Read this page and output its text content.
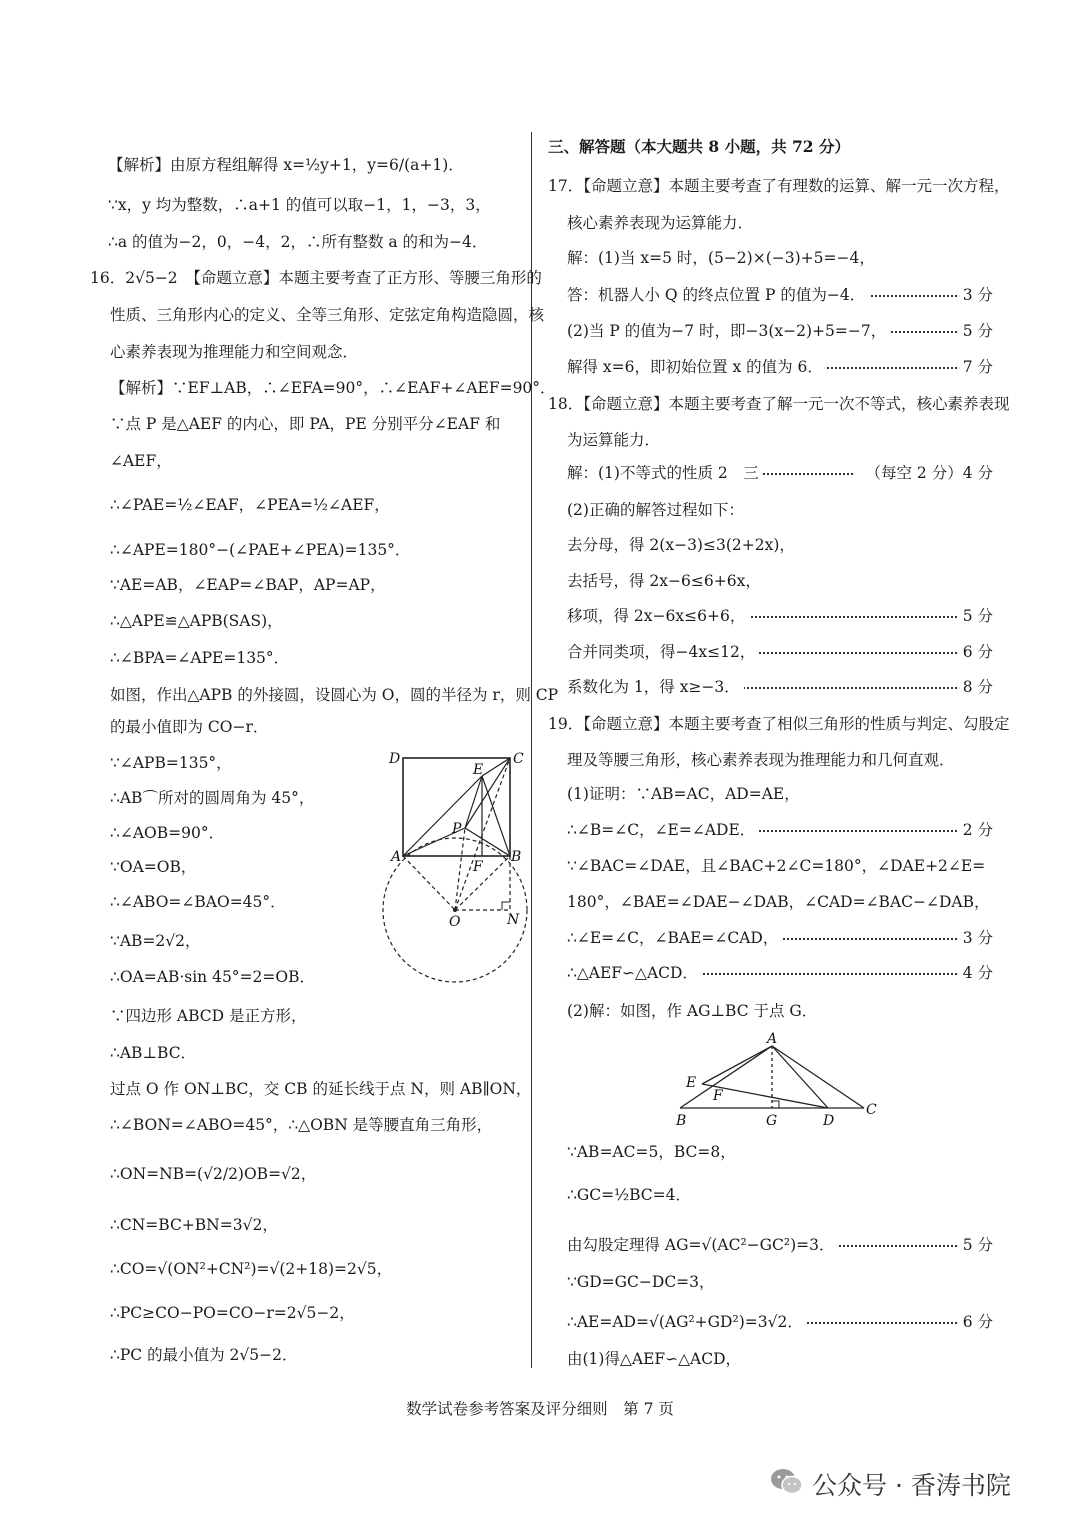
【解析】由原方程组解得 x=½y+1，y=6/(a+1)．
∵x，y 均为整数，∴a+1 的值可以取−1，1，−3，3，
∴a 的值为−2，0，−4，2，∴所有整数 a 的和为−4．
16．2√5−2　【命题立意】本题主要考查了正方形、等腰三角形的
性质、三角形内心的定义、全等三角形、定弦定角构造隐圆，核
心素养表现为推理能力和空间观念．
【解析】∵EF⊥AB，∴∠EFA=90°，∴∠EAF+∠AEF=90°．
∵点 P 是△AEF 的内心，即 PA，PE 分别平分∠EAF 和
∠AEF，
∴∠PAE=½∠EAF，∠PEA=½∠AEF，
∴∠APE=180°−(∠PAE+∠PEA)=135°．
∵AE=AB，∠EAP=∠BAP，AP=AP，
∴△APE≌△APB(SAS)，
∴∠BPA=∠APE=135°．
如图，作出△APB 的外接圆，设圆心为 O，圆的半径为 r，则 CP
的最小值即为 CO−r．
∵∠APB=135°，
∴AB⌒所对的圆周角为 45°，
∴∠AOB=90°．
∵OA=OB，
∴∠ABO=∠BAO=45°．
∵AB=2√2，
∴OA=AB·sin 45°=2=OB．
∵四边形 ABCD 是正方形，
∴AB⊥BC．
过点 O 作 ON⊥BC，交 CB 的延长线于点 N，则 AB∥ON，
∴∠BON=∠ABO=45°，∴△OBN 是等腰直角三角形，
∴ON=NB=(√2/2)OB=√2，
∴CN=BC+BN=3√2，
∴CO=√(ON²+CN²)=√(2+18)=2√5，
∴PC≥CO−PO=CO−r=2√5−2，
∴PC 的最小值为 2√5−2．
D	C
E
P
A
F
B
O	N
三、解答题（本大题共 8 小题，共 72 分）
17．【命题立意】本题主要考查了有理数的运算、解一元一次方程，
核心素养表现为运算能力．
解：(1)当 x=5 时，(5−2)×(−3)+5=−4，
答：机器人小 Q 的终点位置 P 的值为−4．	3 分
(2)当 P 的值为−7 时，即−3(x−2)+5=−7，	5 分
解得 x=6，即初始位置 x 的值为 6．	7 分
18．【命题立意】本题主要考查了解一元一次不等式，核心素养表现
为运算能力．
解：(1)不等式的性质 2　三	（每空 2 分）4 分
(2)正确的解答过程如下：
去分母，得 2(x−3)≤3(2+2x)，
去括号，得 2x−6≤6+6x，
移项，得 2x−6x≤6+6，	5 分
合并同类项，得−4x≤12，	6 分
系数化为 1，得 x≥−3．	8 分
19．【命题立意】本题主要考查了相似三角形的性质与判定、勾股定
理及等腰三角形，核心素养表现为推理能力和几何直观．
(1)证明：∵AB=AC，AD=AE，
∴∠B=∠C，∠E=∠ADE．	2 分
∵∠BAC=∠DAE，且∠BAC+2∠C=180°，∠DAE+2∠E=
180°，∠BAE=∠DAE−∠DAB，∠CAD=∠BAC−∠DAB，
∴∠E=∠C，∠BAE=∠CAD，	3 分
∴△AEF∽△ACD．	4 分
(2)解：如图，作 AG⊥BC 于点 G．
∵AB=AC=5，BC=8，
∴GC=½BC=4．
由勾股定理得 AG=√(AC²−GC²)=3．	5 分
∵GD=GC−DC=3，
∴AE=AD=√(AG²+GD²)=3√2．	6 分
由(1)得△AEF∽△ACD，
A
E
F
B	G	D
C
数学试卷参考答案及评分细则　第 7 页
公众号 · 香涛书院
